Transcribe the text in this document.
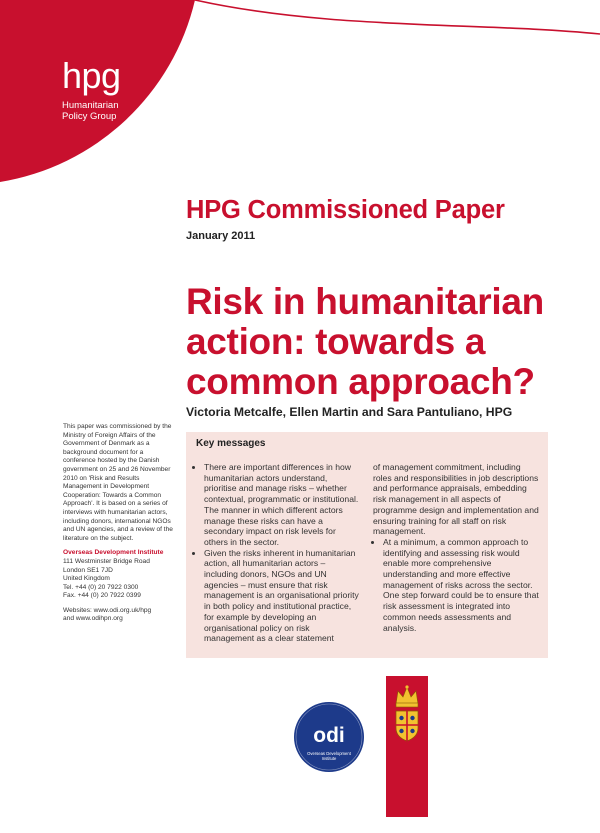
hpg
Humanitarian
Policy Group
HPG Commissioned Paper
January 2011
Risk in humanitarian action: towards a common approach?
Victoria Metcalfe, Ellen Martin and Sara Pantuliano, HPG

This paper was commissioned by the Ministry of Foreign Affairs of the Government of Denmark as a background document for a conference hosted by the Danish government on 25 and 26 November 2010 on 'Risk and Results Management in Development Cooperation: Towards a Common Approach'. It is based on a series of interviews with humanitarian actors, including donors, international NGOs and UN agencies, and a review of the literature on the subject.

Overseas Development Institute
111 Westminster Bridge Road
London SE1 7JD
United Kingdom
Tel. +44 (0) 20 7922 0300
Fax. +44 (0) 20 7922 0399

Websites: www.odi.org.uk/hpg
and www.odihpn.org

Key messages
• There are important differences in how humanitarian actors understand, prioritise and manage risks – whether contextual, programmatic or institutional. The manner in which different actors manage these risks can have a secondary impact on risk levels for others in the sector.
• Given the risks inherent in humanitarian action, all humanitarian actors – including donors, NGOs and UN agencies – must ensure that risk management is an organisational priority in both policy and institutional practice, for example by developing an organisational policy on risk management as a clear statement

of management commitment, including roles and responsibilities in job descriptions and performance appraisals, embedding risk management in all aspects of programme design and implementation and ensuring training for all staff on risk management.

• At a minimum, a common approach to identifying and assessing risk would enable more comprehensive understanding and more effective management of risks across the sector. One step forward could be to ensure that risk assessment is integrated into common needs assessments and analysis.
odi
Overseas Development
Institute
